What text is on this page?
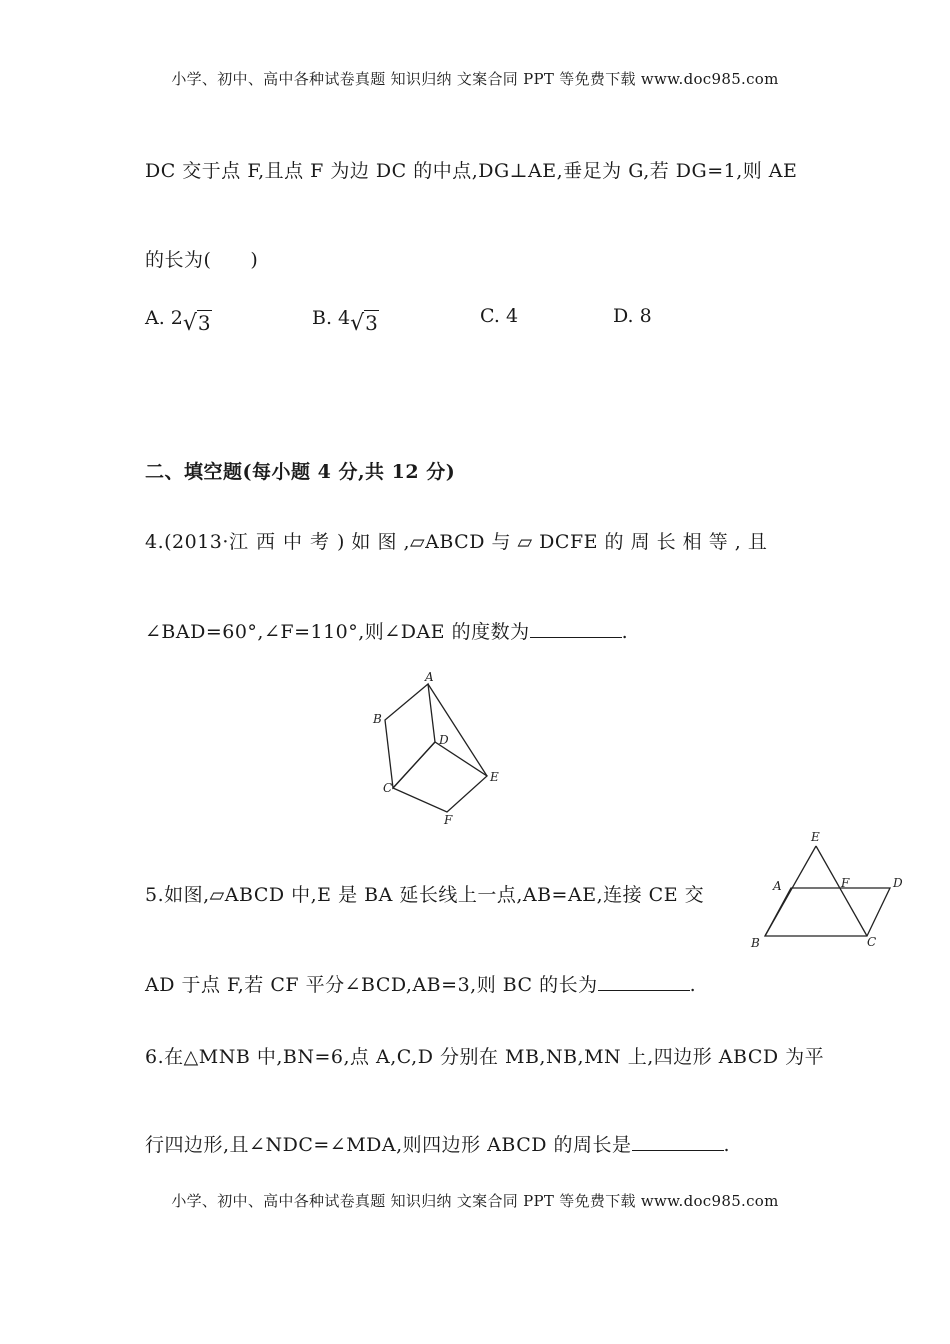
小学、初中、高中各种试卷真题 知识归纳 文案合同 PPT 等免费下载 www.doc985.com
DC 交于点 F,且点 F 为边 DC 的中点,DG⊥AE,垂足为 G,若 DG=1,则 AE
的长为(　　)
A. 2√3	B. 4√3	C. 4	D. 8
二、填空题(每小题 4 分,共 12 分)
4.(2013·江西中考) 如 图 ,▱ABCD 与 ▱ DCFE 的 周 长 相 等 , 且
∠BAD=60°,∠F=110°,则∠DAE 的度数为	.
A
B
D
C
E
F
5.如图,▱ABCD 中,E 是 BA 延长线上一点,AB=AE,连接 CE 交
AD 于点 F,若 CF 平分∠BCD,AB=3,则 BC 的长为	.
E
A	F	D
B	C
6.在△MNB 中,BN=6,点 A,C,D 分别在 MB,NB,MN 上,四边形 ABCD 为平
行四边形,且∠NDC=∠MDA,则四边形 ABCD 的周长是	.
小学、初中、高中各种试卷真题 知识归纳 文案合同 PPT 等免费下载 www.doc985.com
